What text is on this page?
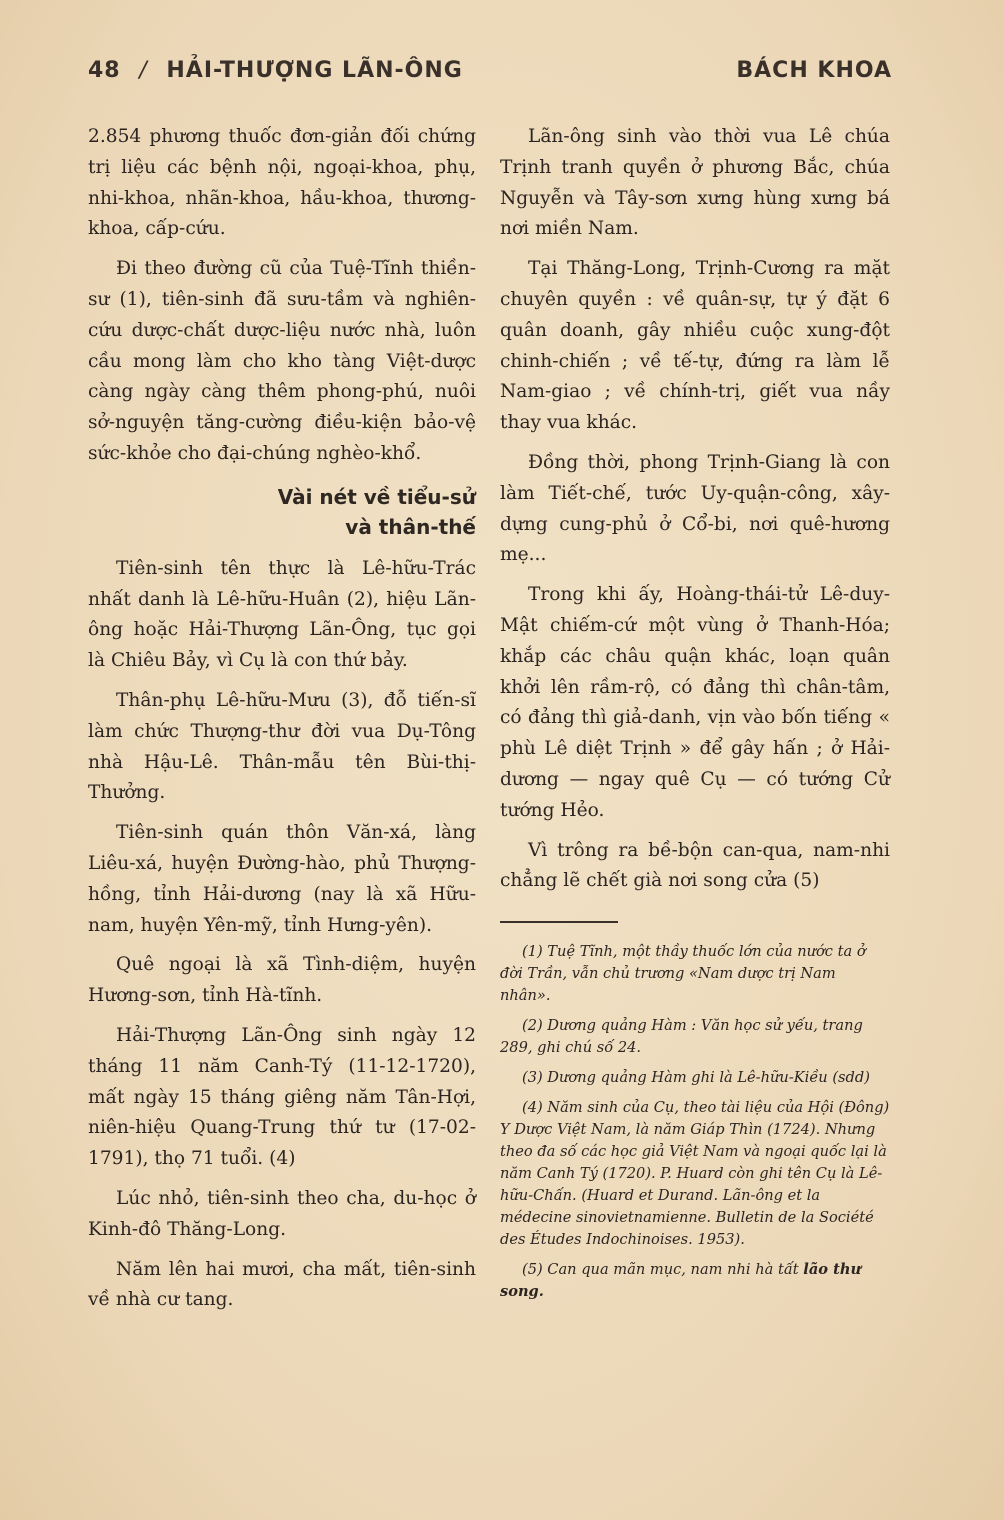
48 / HẢI-THƯỢNG LÃN-ÔNG	BÁCH KHOA

2.854 phương thuốc đơn-giản đối chứng trị liệu các bệnh nội, ngoại-khoa, phụ, nhi-khoa, nhãn-khoa, hầu-khoa, thương-khoa, cấp-cứu.

Đi theo đường cũ của Tuệ-Tĩnh thiền-sư (1), tiên-sinh đã sưu-tầm và nghiên-cứu dược-chất dược-liệu nước nhà, luôn cầu mong làm cho kho tàng Việt-dược càng ngày càng thêm phong-phú, nuôi sở-nguyện tăng-cường điều-kiện bảo-vệ sức-khỏe cho đại-chúng nghèo-khổ.

Vài nét về tiểu-sử
và thân-thế

Tiên-sinh tên thực là Lê-hữu-Trác nhất danh là Lê-hữu-Huân (2), hiệu Lãn-ông hoặc Hải-Thượng Lãn-Ông, tục gọi là Chiêu Bảy, vì Cụ là con thứ bảy.

Thân-phụ Lê-hữu-Mưu (3), đỗ tiến-sĩ làm chức Thượng-thư đời vua Dụ-Tông nhà Hậu-Lê. Thân-mẫu tên Bùi-thị-Thưởng.

Tiên-sinh quán thôn Văn-xá, làng Liêu-xá, huyện Đường-hào, phủ Thượng-hồng, tỉnh Hải-dương (nay là xã Hữu-nam, huyện Yên-mỹ, tỉnh Hưng-yên).

Quê ngoại là xã Tình-diệm, huyện Hương-sơn, tỉnh Hà-tĩnh.

Hải-Thượng Lãn-Ông sinh ngày 12 tháng 11 năm Canh-Tý (11-12-1720), mất ngày 15 tháng giêng năm Tân-Hợi, niên-hiệu Quang-Trung thứ tư (17-02-1791), thọ 71 tuổi. (4)

Lúc nhỏ, tiên-sinh theo cha, du-học ở Kinh-đô Thăng-Long.

Năm lên hai mươi, cha mất, tiên-sinh về nhà cư tang.

Lãn-ông sinh vào thời vua Lê chúa Trịnh tranh quyền ở phương Bắc, chúa Nguyễn và Tây-sơn xưng hùng xưng bá nơi miền Nam.

Tại Thăng-Long, Trịnh-Cương ra mặt chuyên quyền : về quân-sự, tự ý đặt 6 quân doanh, gây nhiều cuộc xung-đột chinh-chiến ; về tế-tự, đứng ra làm lễ Nam-giao ; về chính-trị, giết vua nầy thay vua khác.

Đồng thời, phong Trịnh-Giang là con làm Tiết-chế, tước Uy-quận-công, xây-dựng cung-phủ ở Cổ-bi, nơi quê-hương mẹ...

Trong khi ấy, Hoàng-thái-tử Lê-duy-Mật chiếm-cứ một vùng ở Thanh-Hóa; khắp các châu quận khác, loạn quân khởi lên rầm-rộ, có đảng thì chân-tâm, có đảng thì giả-danh, vịn vào bốn tiếng « phù Lê diệt Trịnh » để gây hấn ; ở Hải-dương — ngay quê Cụ — có tướng Cử tướng Hẻo.

Vì trông ra bề-bộn can-qua, nam-nhi chẳng lẽ chết già nơi song cửa (5)

(1) Tuệ Tĩnh, một thầy thuốc lớn của nước ta ở đời Trần, vẫn chủ trương «Nam dược trị Nam nhân».

(2) Dương quảng Hàm : Văn học sử yếu, trang 289, ghi chú số 24.

(3) Dương quảng Hàm ghi là Lê-hữu-Kiều (sdd)

(4) Năm sinh của Cụ, theo tài liệu của Hội (Đông) Y Dược Việt Nam, là năm Giáp Thìn (1724). Nhưng theo đa số các học giả Việt Nam và ngoại quốc lại là năm Canh Tý (1720). P. Huard còn ghi tên Cụ là Lê-hữu-Chấn. (Huard et Durand. Lãn-ông et la médecine sinovietnamienne. Bulletin de la Société des Études Indochinoises. 1953).

(5) Can qua mãn mục, nam nhi hà tất lão thư song.
